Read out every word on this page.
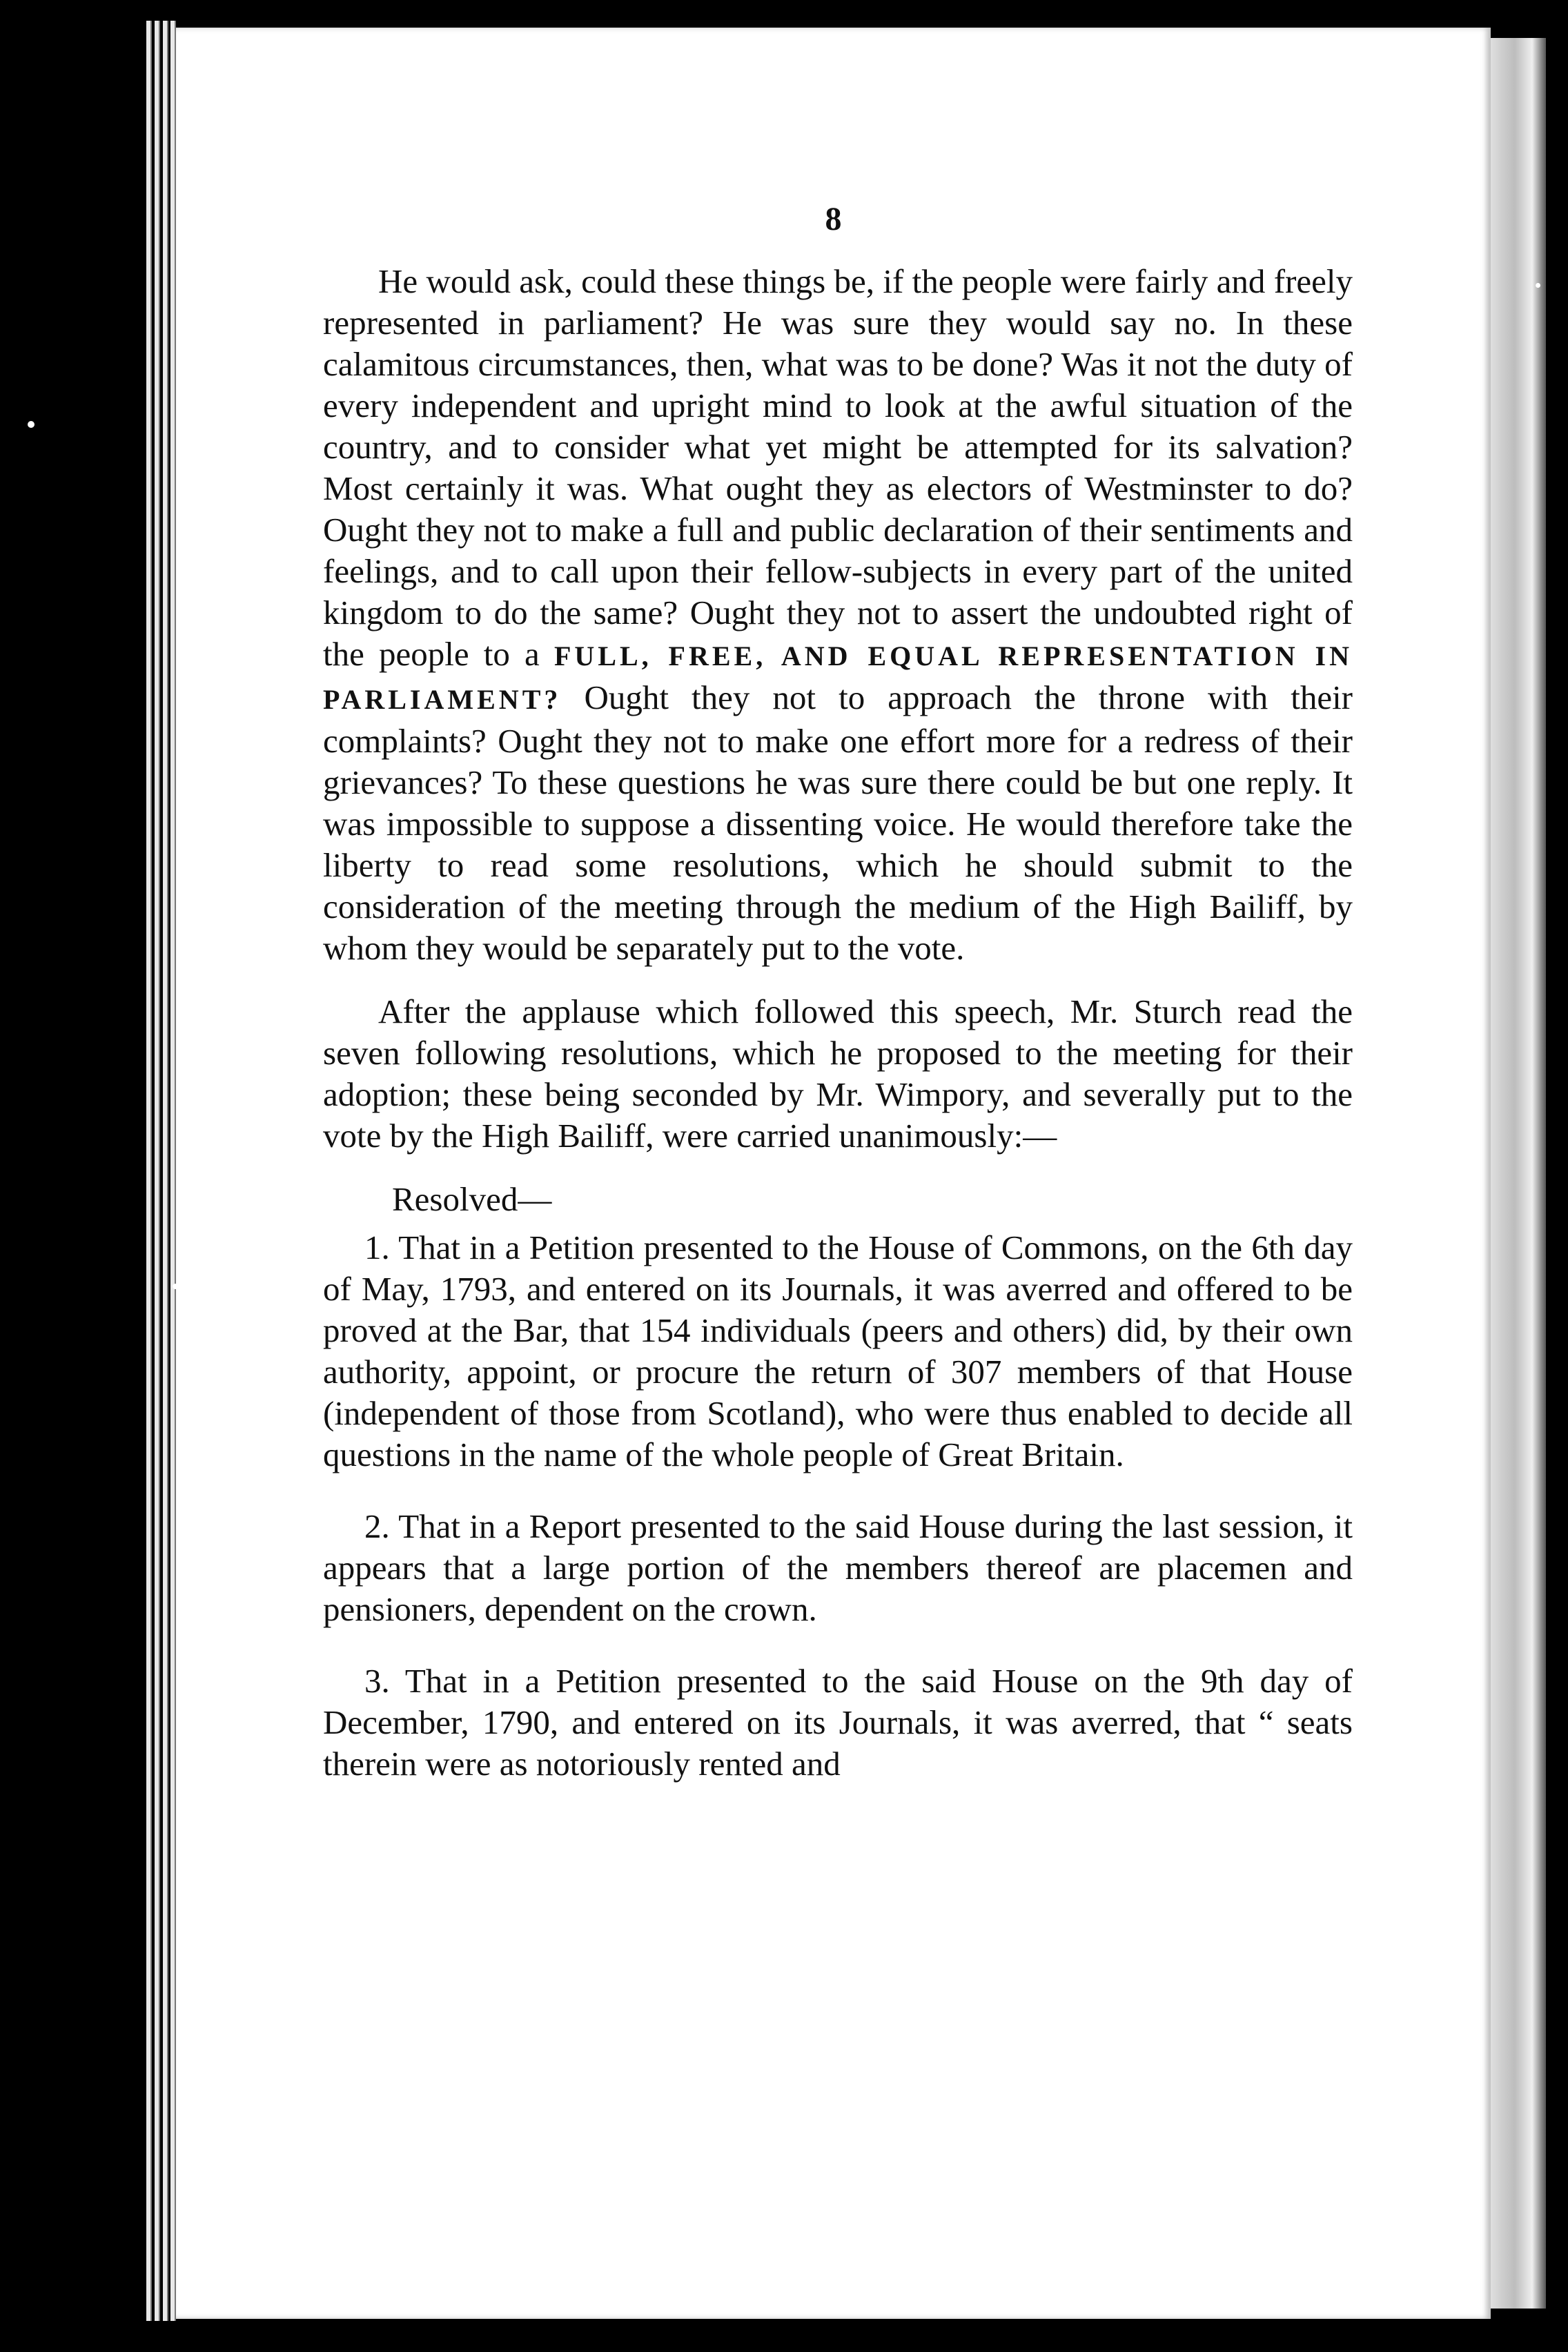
8

He would ask, could these things be, if the people were fairly and freely represented in parliament? He was sure they would say no. In these calamitous circumstances, then, what was to be done? Was it not the duty of every independent and upright mind to look at the awful situation of the country, and to consider what yet might be attempted for its salvation? Most certainly it was. What ought they as electors of Westminster to do? Ought they not to make a full and public declaration of their sentiments and feelings, and to call upon their fellow-subjects in every part of the united kingdom to do the same? Ought they not to assert the undoubted right of the people to a FULL, FREE, AND EQUAL REPRESENTATION IN PARLIAMENT? Ought they not to approach the throne with their complaints? Ought they not to make one effort more for a redress of their grievances? To these questions he was sure there could be but one reply. It was impossible to suppose a dissenting voice. He would therefore take the liberty to read some resolutions, which he should submit to the consideration of the meeting through the medium of the High Bailiff, by whom they would be separately put to the vote.

After the applause which followed this speech, Mr. Sturch read the seven following resolutions, which he proposed to the meeting for their adoption; these being seconded by Mr. Wimpory, and severally put to the vote by the High Bailiff, were carried unanimously:—

Resolved—

1. That in a Petition presented to the House of Commons, on the 6th day of May, 1793, and entered on its Journals, it was averred and offered to be proved at the Bar, that 154 individuals (peers and others) did, by their own authority, appoint, or procure the return of 307 members of that House (independent of those from Scotland), who were thus enabled to decide all questions in the name of the whole people of Great Britain.

2. That in a Report presented to the said House during the last session, it appears that a large portion of the members thereof are placemen and pensioners, dependent on the crown.

3. That in a Petition presented to the said House on the 9th day of December, 1790, and entered on its Journals, it was averred, that “ seats therein were as notoriously rented and
